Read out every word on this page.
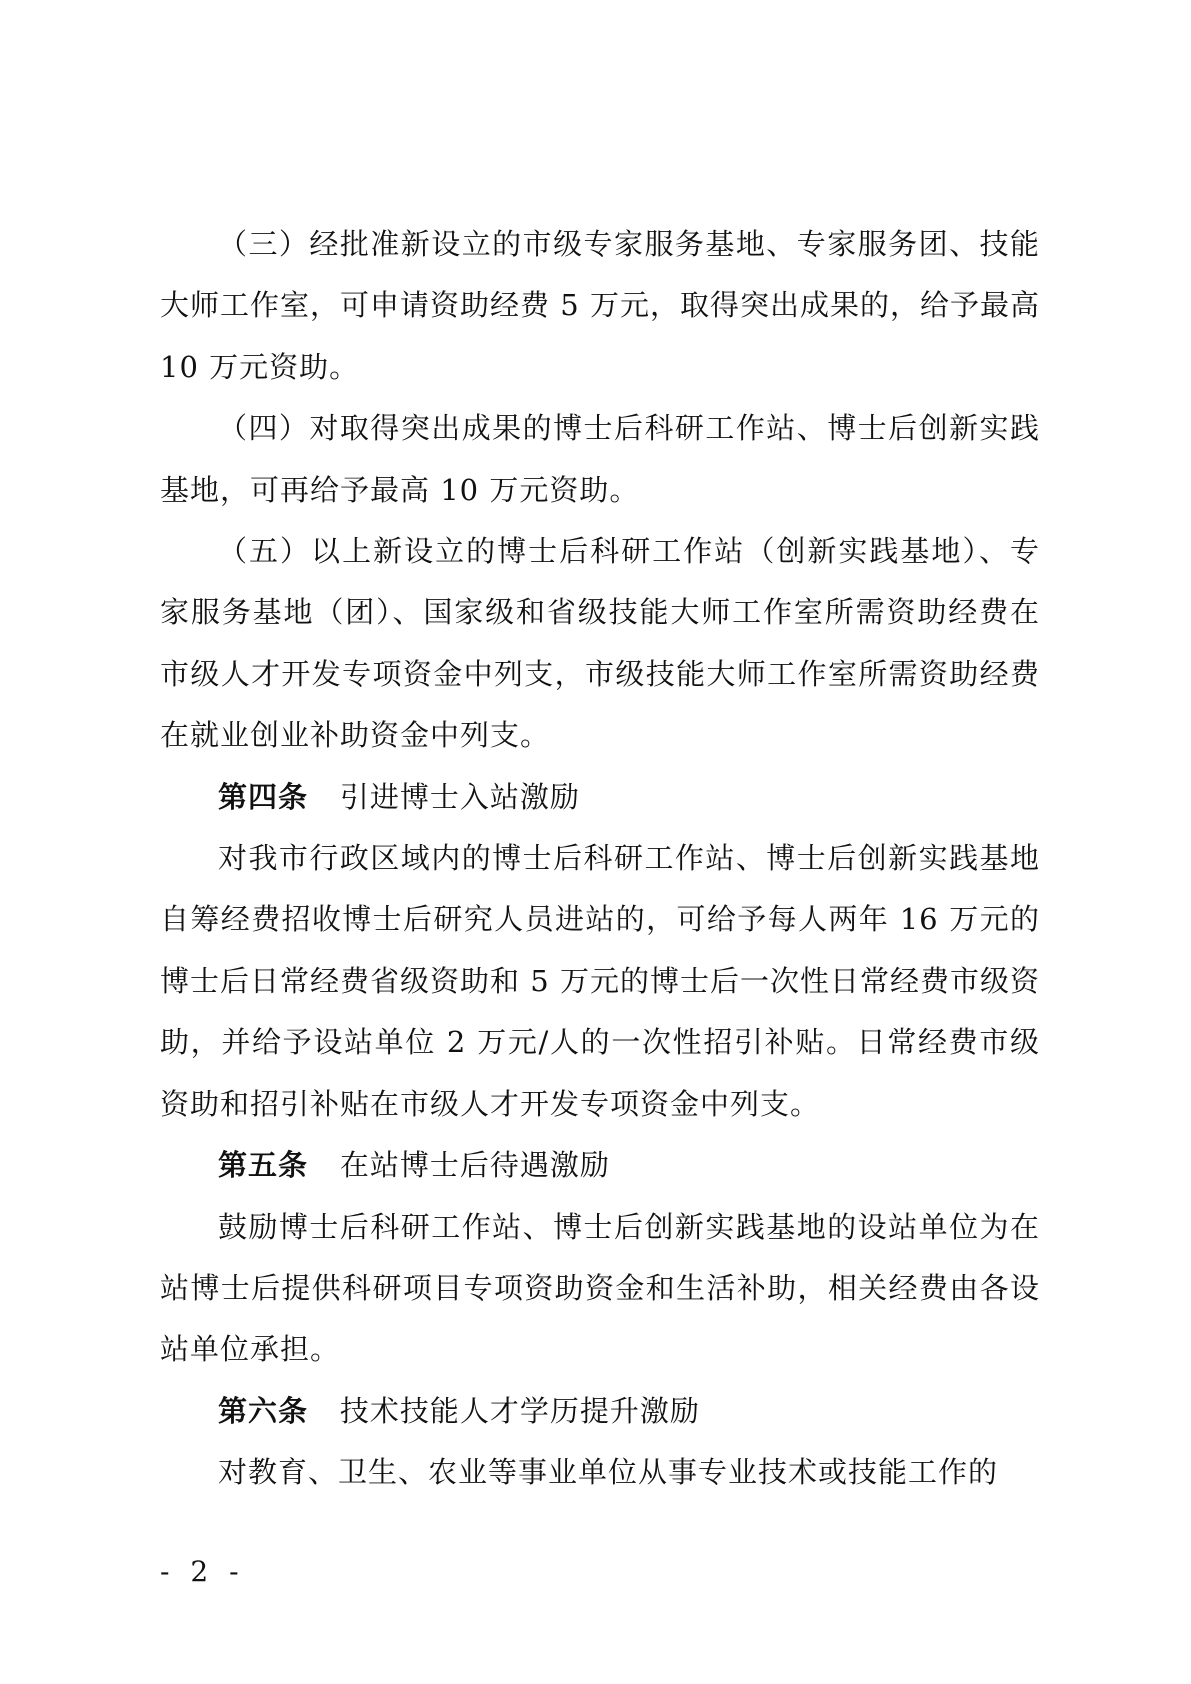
（三）经批准新设立的市级专家服务基地、专家服务团、技能大师工作室，可申请资助经费 5 万元，取得突出成果的，给予最高 10 万元资助。

（四）对取得突出成果的博士后科研工作站、博士后创新实践基地，可再给予最高 10 万元资助。

（五）以上新设立的博士后科研工作站（创新实践基地）、专家服务基地（团）、国家级和省级技能大师工作室所需资助经费在市级人才开发专项资金中列支，市级技能大师工作室所需资助经费在就业创业补助资金中列支。

第四条 引进博士入站激励

对我市行政区域内的博士后科研工作站、博士后创新实践基地自筹经费招收博士后研究人员进站的，可给予每人两年 16 万元的博士后日常经费省级资助和 5 万元的博士后一次性日常经费市级资助，并给予设站单位 2 万元/人的一次性招引补贴。日常经费市级资助和招引补贴在市级人才开发专项资金中列支。

第五条 在站博士后待遇激励

鼓励博士后科研工作站、博士后创新实践基地的设站单位为在站博士后提供科研项目专项资助资金和生活补助，相关经费由各设站单位承担。

第六条 技术技能人才学历提升激励

对教育、卫生、农业等事业单位从事专业技术或技能工作的

- 2 -
